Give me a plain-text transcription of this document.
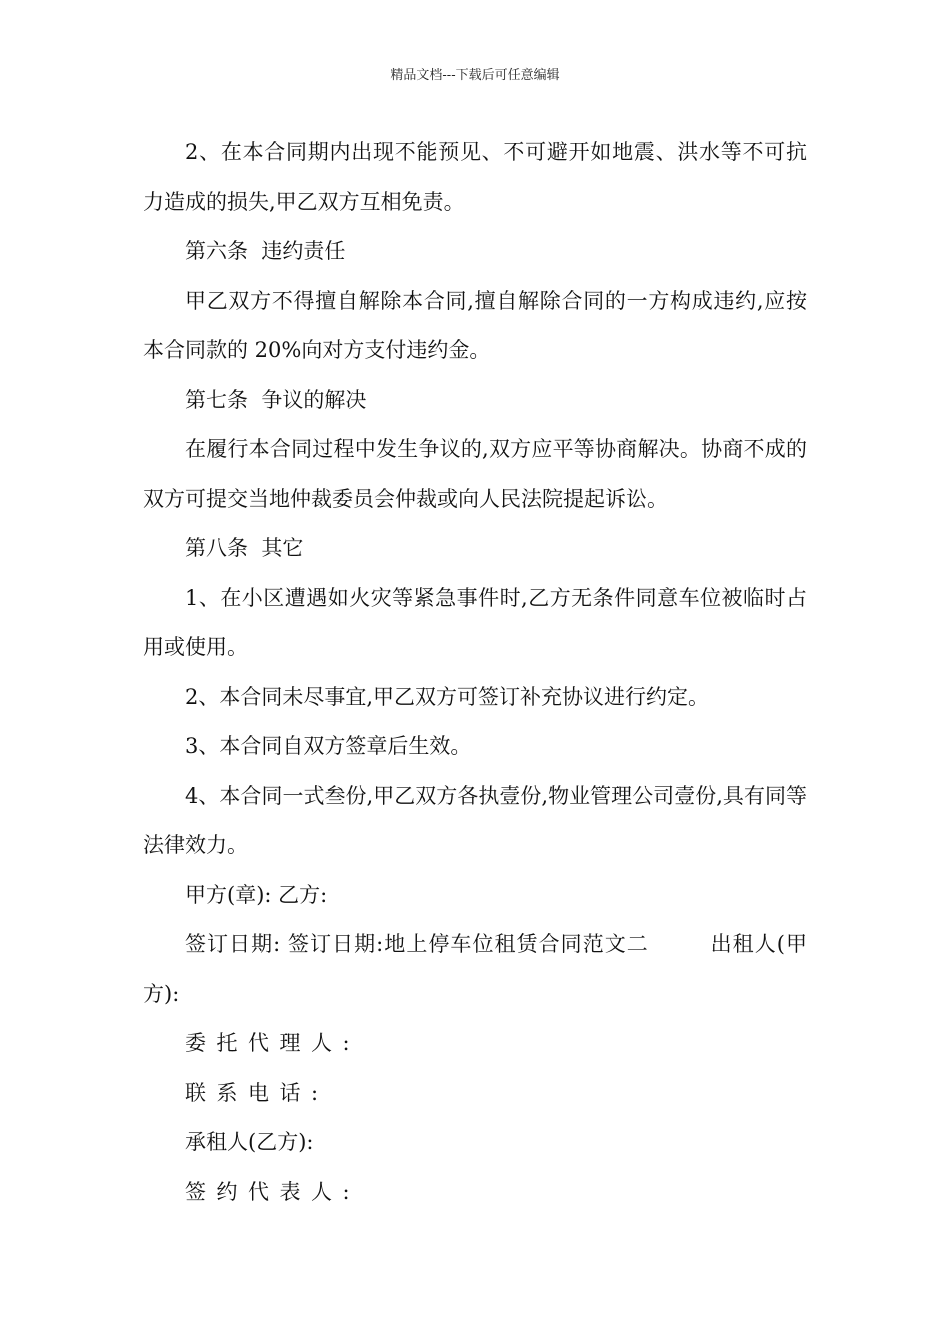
精品文档---下载后可任意编辑

2、在本合同期内出现不能预见、不可避开如地震、洪水等不可抗力造成的损失,甲乙双方互相免责。

第六条  违约责任

甲乙双方不得擅自解除本合同,擅自解除合同的一方构成违约,应按本合同款的 20%向对方支付违约金。

第七条  争议的解决

在履行本合同过程中发生争议的,双方应平等协商解决。协商不成的双方可提交当地仲裁委员会仲裁或向人民法院提起诉讼。

第八条  其它

1、在小区遭遇如火灾等紧急事件时,乙方无条件同意车位被临时占用或使用。

2、本合同未尽事宜,甲乙双方可签订补充协议进行约定。

3、本合同自双方签章后生效。

4、本合同一式叁份,甲乙双方各执壹份,物业管理公司壹份,具有同等法律效力。

甲方(章): 乙方:

签订日期: 签订日期:地上停车位租赁合同范文二        出租人(甲方):

委托代理人:

联系电话:

承租人(乙方):

签约代表人:
